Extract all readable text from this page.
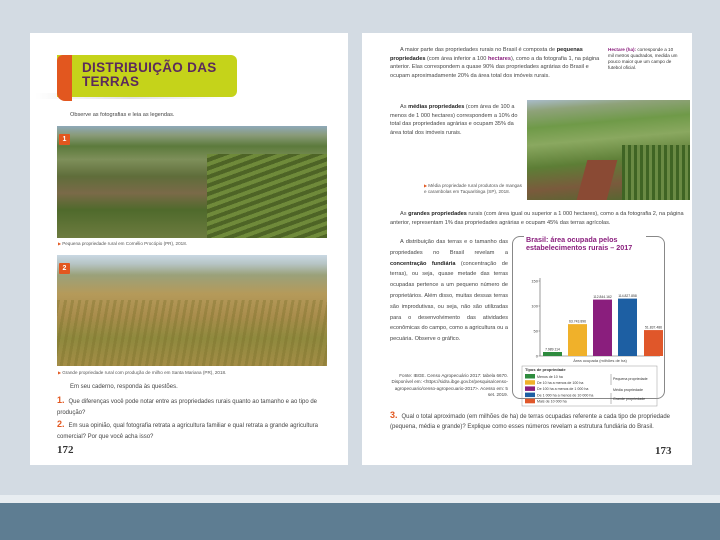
DISTRIBUIÇÃO DAS
TERRAS
Observe as fotografias e leia as legendas.
1
▶ Pequena propriedade rural em Cornélio Procópio (PR), 2018.
2
▶ Grande propriedade rural com produção de milho em Santa Mariana (PR), 2018.
Em seu caderno, responda às questões.
1. Que diferenças você pode notar entre as propriedades rurais quanto ao tamanho e ao tipo de produção?
2. Em sua opinião, qual fotografia retrata a agricultura familiar e qual retrata a grande agricultura comercial? Por que você acha isso?
172
A maior parte das propriedades rurais no Brasil é composta de pequenas propriedades (com área inferior a 100 hectares), como a da fotografia 1, na página anterior. Elas correspondem a quase 90% das propriedades agrárias do Brasil e ocupam aproximadamente 20% da área total dos imóveis rurais.
Hectare (ha): corresponde a 10 mil metros quadrados, medida um pouco maior que um campo de futebol oficial.
As médias propriedades (com área de 100 a menos de 1 000 hectares) correspondem a 10% do total das propriedades agrárias e ocupam 35% da área total dos imóveis rurais.
▶ Média propriedade rural produtora de mangas e carambolas em Taquaritinga (SP), 2018.
As grandes propriedades rurais (com área igual ou superior a 1 000 hectares), como a da fotografia 2, na página anterior, representam 1% das propriedades agrárias e ocupam 45% das terras agrícolas.
A distribuição das terras e o tamanho das propriedades no Brasil revelam a concentração fundiária (concentração de terras), ou seja, quase metade das terras ocupadas pertence a um pequeno número de proprietários. Além disso, muitas dessas terras são improdutivas, ou seja, não são utilizadas para o desenvolvimento das atividades econômicas do campo, como a agricultura ou a pecuária. Observe o gráfico.
Fonte: IBGE. Censo Agropecuário 2017: tabela 6670. Disponível em: <https://sidra.ibge.gov.br/pesquisa/censo-agropecuario/censo-agropecuario-2017>. Acesso em: 5 set. 2019.
Brasil: área ocupada pelos estabelecimentos rurais – 2017
0
50
100
150
7.989.114
63.743.896
112.844.162 114.827.858
51.837.486
Área ocupada (milhões de ha)
Tipos de propriedade
Menos de 10 ha
De 10 ha a menos de 100 ha
De 100 ha a menos de 1 000 ha
De 1 000 ha a menos de 10 000 ha
Mais de 10 000 ha
Pequena propriedade
Média propriedade
Grande propriedade
3. Qual o total aproximado (em milhões de ha) de terras ocupadas referente a cada tipo de propriedade (pequena, média e grande)? Explique como esses números revelam a estrutura fundiária do Brasil.
173
